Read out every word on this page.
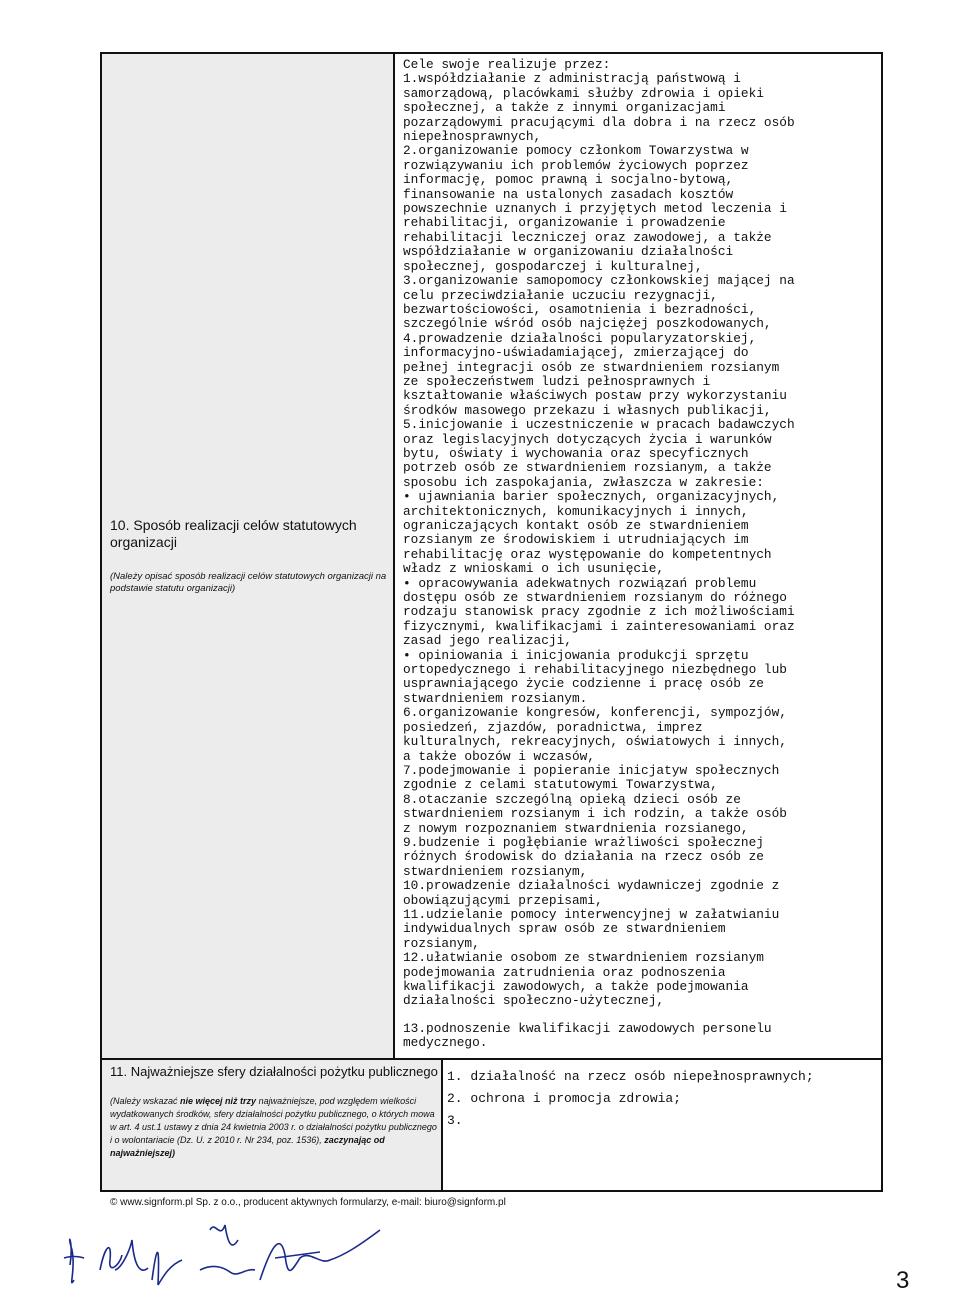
10. Sposób realizacji celów statutowych organizacji
(Należy opisać sposób realizacji celów statutowych organizacji na podstawie statutu organizacji)
Cele swoje realizuje przez:
1.współdziałanie z administracją państwową i
samorządową, placówkami służby zdrowia i opieki
społecznej, a także z innymi organizacjami
pozarządowymi pracującymi dla dobra i na rzecz osób
niepełnosprawnych,
2.organizowanie pomocy członkom Towarzystwa w
rozwiązywaniu ich problemów życiowych poprzez
informację, pomoc prawną i socjalno-bytową,
finansowanie na ustalonych zasadach kosztów
powszechnie uznanych i przyjętych metod leczenia i
rehabilitacji, organizowanie i prowadzenie
rehabilitacji leczniczej oraz zawodowej, a także
współdziałanie w organizowaniu działalności
społecznej, gospodarczej i kulturalnej,
3.organizowanie samopomocy członkowskiej mającej na
celu przeciwdziałanie uczuciu rezygnacji,
bezwartościowości, osamotnienia i bezradności,
szczególnie wśród osób najciężej poszkodowanych,
4.prowadzenie działalności popularyzatorskiej,
informacyjno-uświadamiającej, zmierzającej do
pełnej integracji osób ze stwardnieniem rozsianym
ze społeczeństwem ludzi pełnosprawnych i
kształtowanie właściwych postaw przy wykorzystaniu
środków masowego przekazu i własnych publikacji,
5.inicjowanie i uczestniczenie w pracach badawczych
oraz legislacyjnych dotyczących życia i warunków
bytu, oświaty i wychowania oraz specyficznych
potrzeb osób ze stwardnieniem rozsianym, a także
sposobu ich zaspokajania, zwłaszcza w zakresie:
• ujawniania barier społecznych, organizacyjnych,
architektonicznych, komunikacyjnych i innych,
ograniczających kontakt osób ze stwardnieniem
rozsianym ze środowiskiem i utrudniających im
rehabilitację oraz występowanie do kompetentnych
władz z wnioskami o ich usunięcie,
• opracowywania adekwatnych rozwiązań problemu
dostępu osób ze stwardnieniem rozsianym do różnego
rodzaju stanowisk pracy zgodnie z ich możliwościami
fizycznymi, kwalifikacjami i zainteresowaniami oraz
zasad jego realizacji,
• opiniowania i inicjowania produkcji sprzętu
ortopedycznego i rehabilitacyjnego niezbędnego lub
usprawniającego życie codzienne i pracę osób ze
stwardnieniem rozsianym.
6.organizowanie kongresów, konferencji, sympozjów,
posiedzeń, zjazdów, poradnictwa, imprez
kulturalnych, rekreacyjnych, oświatowych i innych,
a także obozów i wczasów,
7.podejmowanie i popieranie inicjatyw społecznych
zgodnie z celami statutowymi Towarzystwa,
8.otaczanie szczególną opieką dzieci osób ze
stwardnieniem rozsianym i ich rodzin, a także osób
z nowym rozpoznaniem stwardnienia rozsianego,
9.budzenie i pogłębianie wrażliwości społecznej
różnych środowisk do działania na rzecz osób ze
stwardnieniem rozsianym,
10.prowadzenie działalności wydawniczej zgodnie z
obowiązującymi przepisami,
11.udzielanie pomocy interwencyjnej w załatwianiu
indywidualnych spraw osób ze stwardnieniem
rozsianym,
12.ułatwianie osobom ze stwardnieniem rozsianym
podejmowania zatrudnienia oraz podnoszenia
kwalifikacji zawodowych, a także podejmowania
działalności społeczno-użytecznej,
13.podnoszenie kwalifikacji zawodowych personelu
medycznego.
11. Najważniejsze sfery działalności pożytku publicznego
(Należy wskazać nie więcej niż trzy najważniejsze, pod względem wielkości wydatkowanych środków, sfery działalności pożytku publicznego, o których mowa w art. 4 ust.1 ustawy z dnia 24 kwietnia 2003 r. o działalności pożytku publicznego i o wolontariacie (Dz. U. z 2010 r. Nr 234, poz. 1536), zaczynając od najważniejszej)
1. działalność na rzecz osób niepełnosprawnych;
2. ochrona i promocja zdrowia;
3.
© www.signform.pl Sp. z o.o., producent aktywnych formularzy, e-mail: biuro@signform.pl
3
